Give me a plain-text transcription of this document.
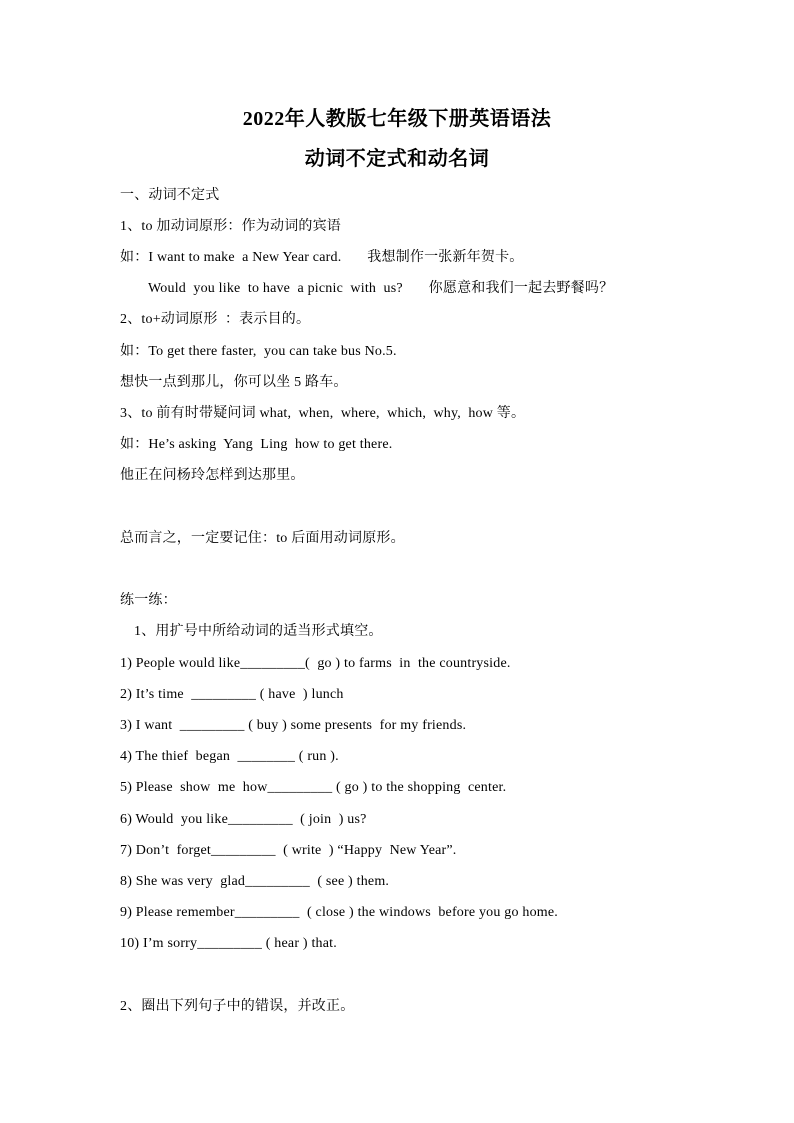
2022年人教版七年级下册英语语法
动词不定式和动名词
一、动词不定式
1、to 加动词原形：作为动词的宾语
如：I want to make  a New Year card.       我想制作一张新年贺卡。
Would  you like  to have  a picnic  with  us?       你愿意和我们一起去野餐吗？
2、to+动词原形  ：表示目的。
如：To get there faster,  you can take bus No.5.
想快一点到那儿，你可以坐 5 路车。
3、to 前有时带疑问词 what,  when,  where,  which,  why,  how 等。
如：He’s asking  Yang  Ling  how to get there.
他正在问杨玲怎样到达那里。
总而言之，一定要记住：to 后面用动词原形。
练一练：
1、用扩号中所给动词的适当形式填空。
1) People would like_________(  go ) to farms  in  the countryside.
2) It’s time  _________ ( have  ) lunch
3) I want  _________ ( buy ) some presents  for my friends.
4) The thief  began  ________ ( run ).
5) Please  show  me  how_________ ( go ) to the shopping  center.
6) Would  you like_________  ( join  ) us?
7) Don’t  forget_________  ( write  ) “Happy  New Year”.
8) She was very  glad_________  ( see ) them.
9) Please remember_________  ( close ) the windows  before you go home.
10) I’m sorry_________ ( hear ) that.
2、圈出下列句子中的错误，并改正。
